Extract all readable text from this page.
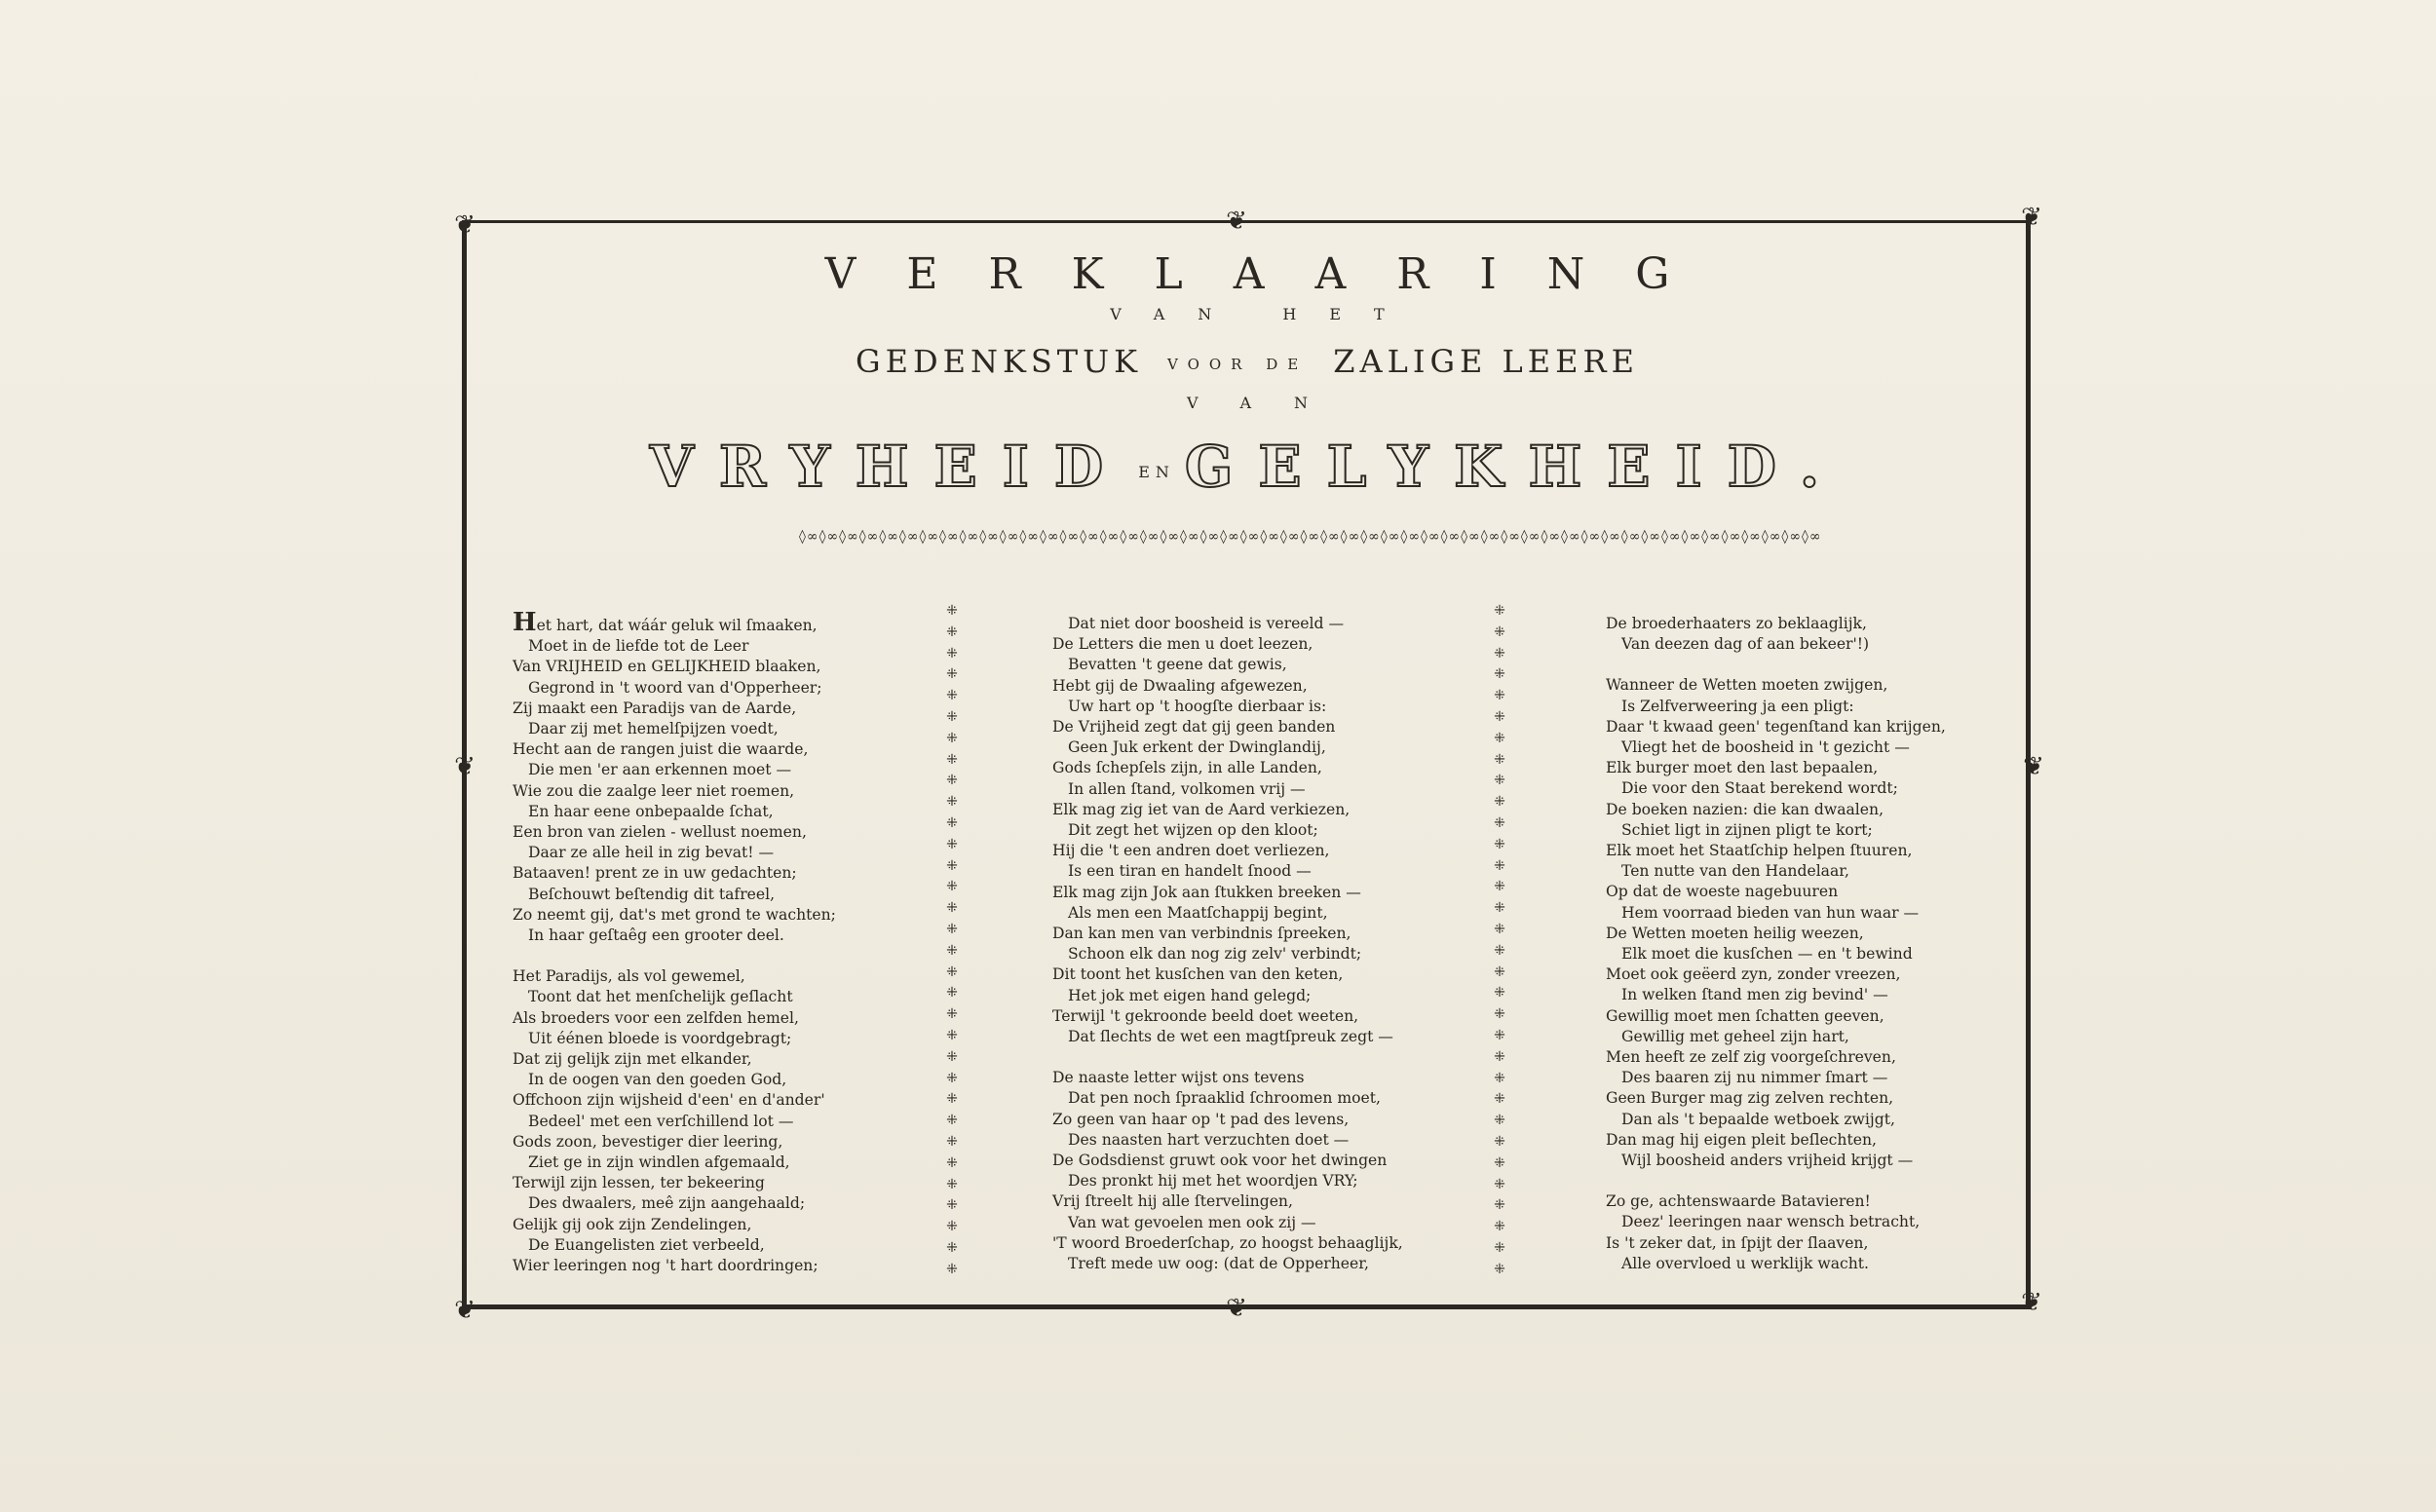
❦	❦
❦	❦
❦	❦
❦
❦
VERKLAARING
VAN HET
GEDENKSTUK VOOR DE ZALIGE LEERE
VAN
VRYHEID EN GELYKHEID.
◊∞◊∞◊∞◊∞◊∞◊∞◊∞◊∞◊∞◊∞◊∞◊∞◊∞◊∞◊∞◊∞◊∞◊∞◊∞◊∞◊∞◊∞◊∞◊∞◊∞◊∞◊∞◊∞◊∞◊∞◊∞◊∞◊∞◊∞◊∞◊∞◊∞◊∞◊∞◊∞◊∞◊∞◊∞◊∞◊∞◊∞◊∞◊∞◊∞◊∞◊∞
Het hart, dat wáár geluk wil ſmaaken,
Moet in de liefde tot de Leer
Van VRIJHEID en GELIJKHEID blaaken,
Gegrond in 't woord van d'Opperheer;
Zij maakt een Paradijs van de Aarde,
Daar zij met hemelſpijzen voedt,
Hecht aan de rangen juist die waarde,
Die men 'er aan erkennen moet —
Wie zou die zaalge leer niet roemen,
En haar eene onbepaalde ſchat,
Een bron van zielen - wellust noemen,
Daar ze alle heil in zig bevat! —
Bataaven! prent ze in uw gedachten;
Beſchouwt beſtendig dit tafreel,
Zo neemt gij, dat's met grond te wachten;
In haar geſtaêg een grooter deel.
Het Paradijs, als vol gewemel,
Toont dat het menſchelijk geſlacht
Als broeders voor een zelfden hemel,
Uit éénen bloede is voordgebragt;
Dat zij gelijk zijn met elkander,
In de oogen van den goeden God,
Offchoon zijn wijsheid d'een' en d'ander'
Bedeel' met een verſchillend lot —
Gods zoon, bevestiger dier leering,
Ziet ge in zijn windlen afgemaald,
Terwijl zijn lessen, ter bekeering
Des dwaalers, meê zijn aangehaald;
Gelijk gij ook zijn Zendelingen,
De Euangelisten ziet verbeeld,
Wier leeringen nog 't hart doordringen;
⁜
⁜
⁜
⁜
⁜
⁜
⁜
⁜
⁜
⁜
⁜
⁜
⁜
⁜
⁜
⁜
⁜
⁜
⁜
⁜
⁜
⁜
⁜
⁜
⁜
⁜
⁜
⁜
⁜
⁜
⁜
⁜
Dat niet door boosheid is vereeld —
De Letters die men u doet leezen,
Bevatten 't geene dat gewis,
Hebt gij de Dwaaling afgewezen,
Uw hart op 't hoogſte dierbaar is:
De Vrijheid zegt dat gij geen banden
Geen Juk erkent der Dwinglandij,
Gods ſchepſels zijn, in alle Landen,
In allen ſtand, volkomen vrij —
Elk mag zig iet van de Aard verkiezen,
Dit zegt het wijzen op den kloot;
Hij die 't een andren doet verliezen,
Is een tiran en handelt ſnood —
Elk mag zijn Jok aan ſtukken breeken —
Als men een Maatſchappij begint,
Dan kan men van verbindnis ſpreeken,
Schoon elk dan nog zig zelv' verbindt;
Dit toont het kusſchen van den keten,
Het jok met eigen hand gelegd;
Terwijl 't gekroonde beeld doet weeten,
Dat ſlechts de wet een magtſpreuk zegt —
De naaste letter wijst ons tevens
Dat pen noch ſpraaklid ſchroomen moet,
Zo geen van haar op 't pad des levens,
Des naasten hart verzuchten doet —
De Godsdienst gruwt ook voor het dwingen
Des pronkt hij met het woordjen VRY;
Vrij ſtreelt hij alle ſtervelingen,
Van wat gevoelen men ook zij —
'T woord Broederſchap, zo hoogst behaaglijk,
Treft mede uw oog: (dat de Opperheer,
⁜
⁜
⁜
⁜
⁜
⁜
⁜
⁜
⁜
⁜
⁜
⁜
⁜
⁜
⁜
⁜
⁜
⁜
⁜
⁜
⁜
⁜
⁜
⁜
⁜
⁜
⁜
⁜
⁜
⁜
⁜
⁜
De broederhaaters zo beklaaglijk,
Van deezen dag of aan bekeer'!)
Wanneer de Wetten moeten zwijgen,
Is Zelfverweering ja een pligt:
Daar 't kwaad geen' tegenſtand kan krijgen,
Vliegt het de boosheid in 't gezicht —
Elk burger moet den last bepaalen,
Die voor den Staat berekend wordt;
De boeken nazien: die kan dwaalen,
Schiet ligt in zijnen pligt te kort;
Elk moet het Staatſchip helpen ſtuuren,
Ten nutte van den Handelaar,
Op dat de woeste nagebuuren
Hem voorraad bieden van hun waar —
De Wetten moeten heilig weezen,
Elk moet die kusſchen — en 't bewind
Moet ook geëerd zyn, zonder vreezen,
In welken ſtand men zig bevind' —
Gewillig moet men ſchatten geeven,
Gewillig met geheel zijn hart,
Men heeft ze zelf zig voorgeſchreven,
Des baaren zij nu nimmer ſmart —
Geen Burger mag zig zelven rechten,
Dan als 't bepaalde wetboek zwijgt,
Dan mag hij eigen pleit beſlechten,
Wijl boosheid anders vrijheid krijgt —
Zo ge, achtenswaarde Batavieren!
Deez' leeringen naar wensch betracht,
Is 't zeker dat, in ſpijt der ſlaaven,
Alle overvloed u werklijk wacht.
